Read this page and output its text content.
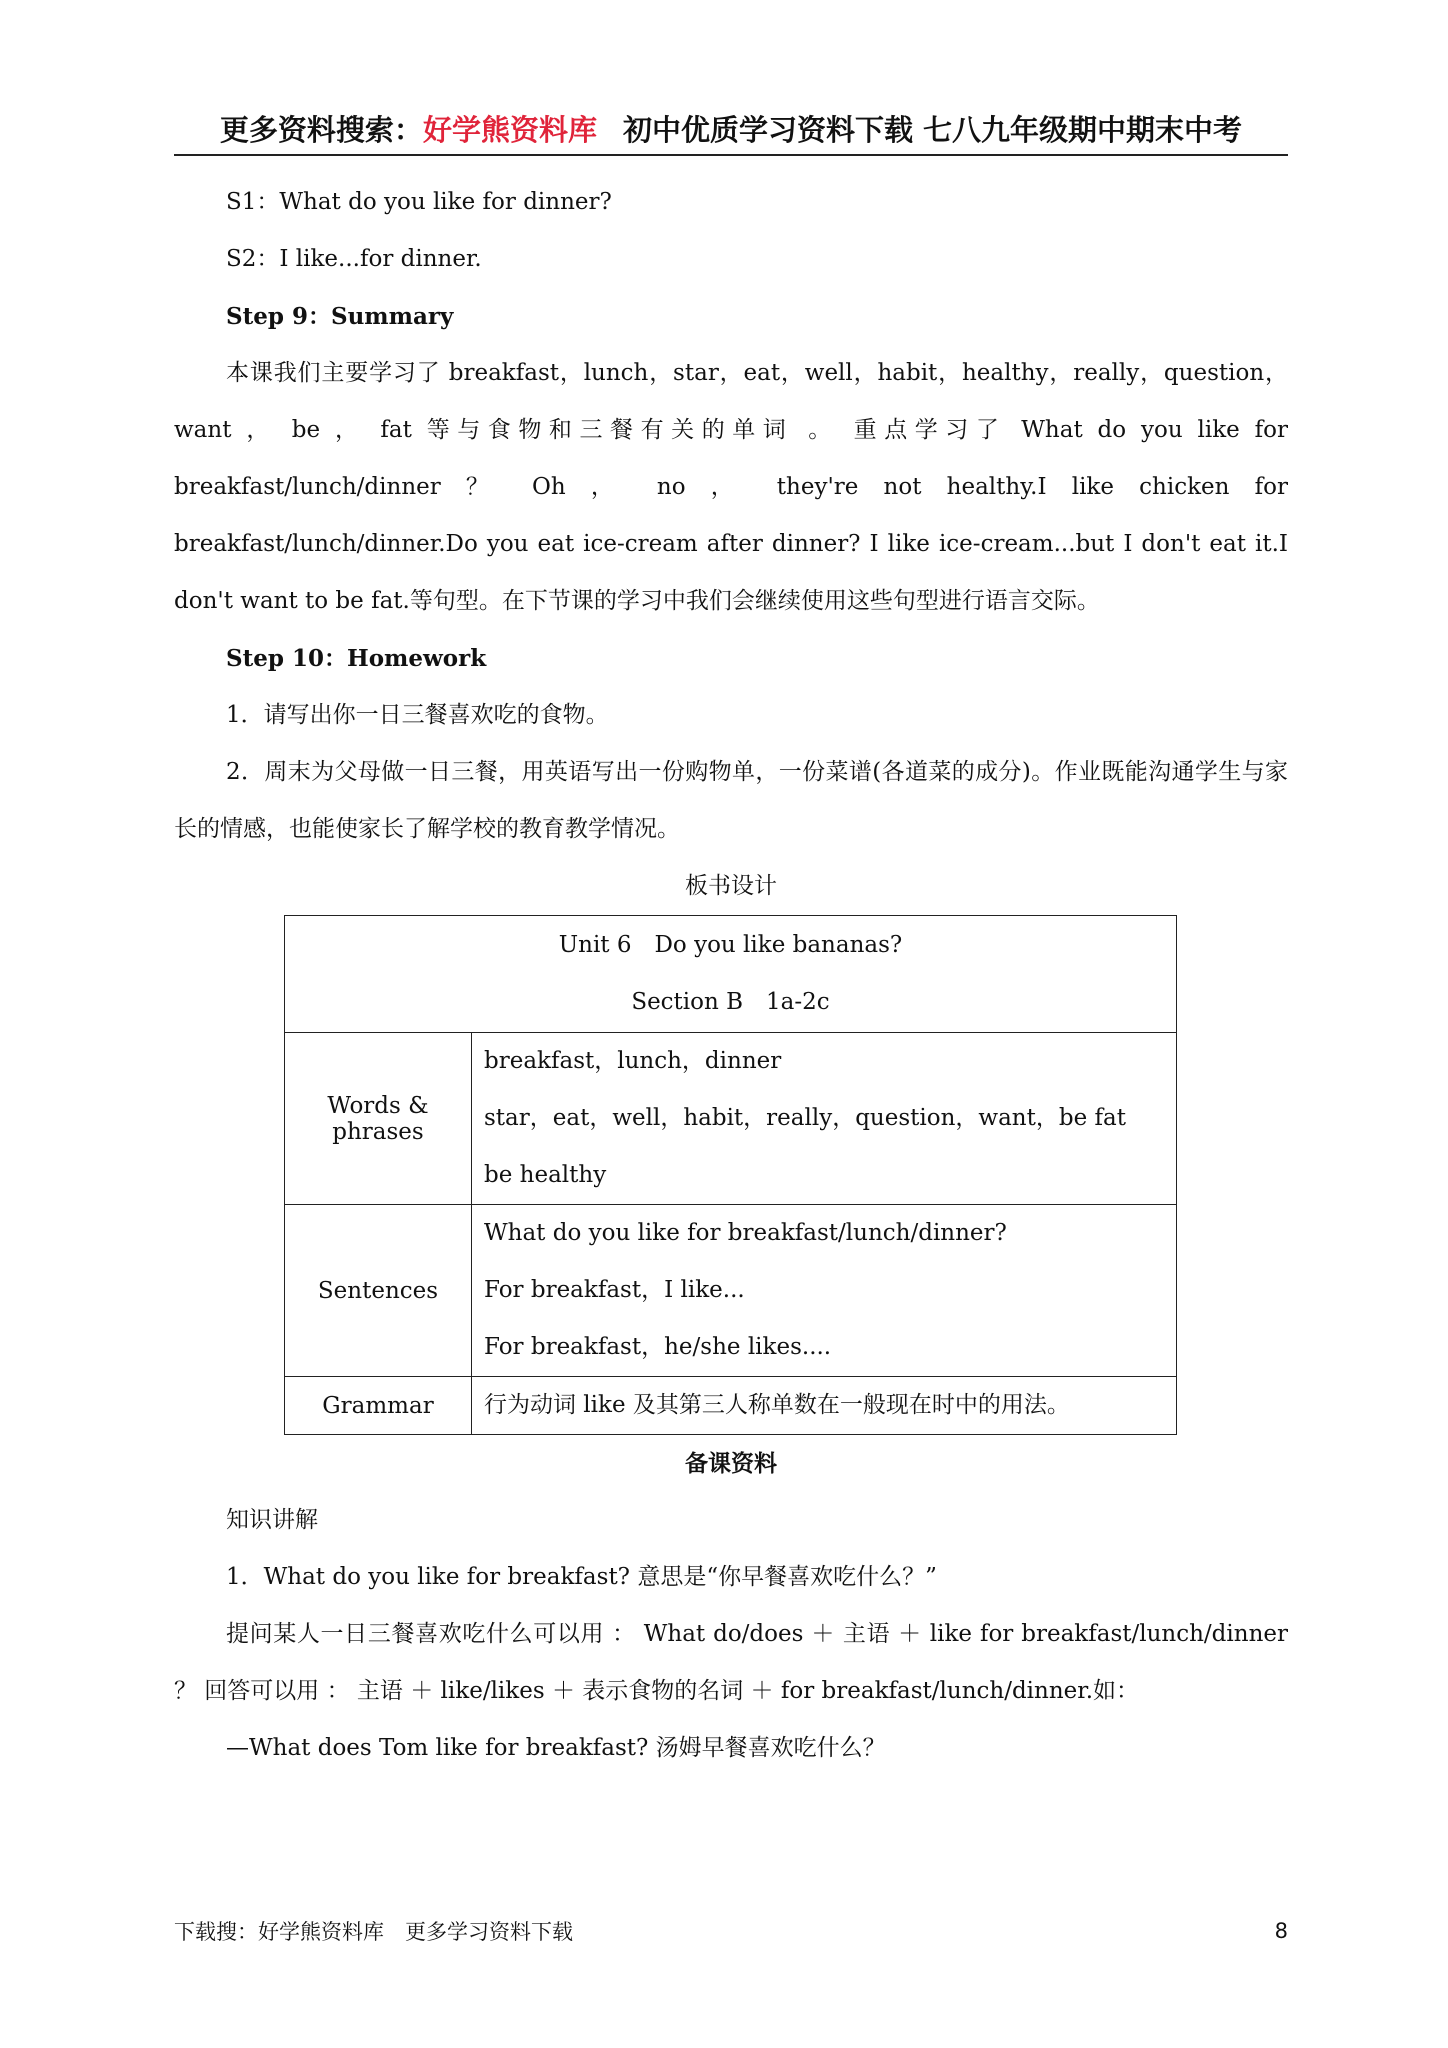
更多资料搜索： 好学熊资料库 初中优质学习资料下载 七八九年级期中期末中考
S1：What do you like for dinner?
S2：I like...for dinner.
Step 9：Summary
本课我们主要学习了 breakfast，lunch，star，eat，well，habit，healthy，really，question，want ， be ， fat 等与食物和三餐有关的单词 。 重点学习了 What do you like for breakfast/lunch/dinner ？ Oh ， no ， they're not healthy.I like chicken for breakfast/lunch/dinner.Do you eat ice-cream after dinner? I like ice-cream...but I don't eat it.I don't want to be fat.等句型。在下节课的学习中我们会继续使用这些句型进行语言交际。
Step 10：Homework
1．请写出你一日三餐喜欢吃的食物。
2．周末为父母做一日三餐，用英语写出一份购物单，一份菜谱(各道菜的成分)。作业既能沟通学生与家长的情感，也能使家长了解学校的教育教学情况。
板书设计
Unit 6　Do you like bananas?
Section B　1a-2c	

Words & phrases	breakfast，lunch，dinner
star，eat，well，habit，really，question，want，be fat
be healthy

Sentences	What do you like for breakfast/lunch/dinner?
For breakfast，I like...
For breakfast，he/she likes....

Grammar	行为动词 like 及其第三人称单数在一般现在时中的用法。
备课资料
知识讲解
1．What do you like for breakfast? 意思是“你早餐喜欢吃什么？”
提问某人一日三餐喜欢吃什么可以用 ： What do/does ＋ 主语 ＋ like for breakfast/lunch/dinner ？ 回答可以用 ： 主语 ＋ like/likes ＋ 表示食物的名词 ＋ for breakfast/lunch/dinner.如：
—What does Tom like for breakfast? 汤姆早餐喜欢吃什么？
下载搜：好学熊资料库　更多学习资料下载	8
